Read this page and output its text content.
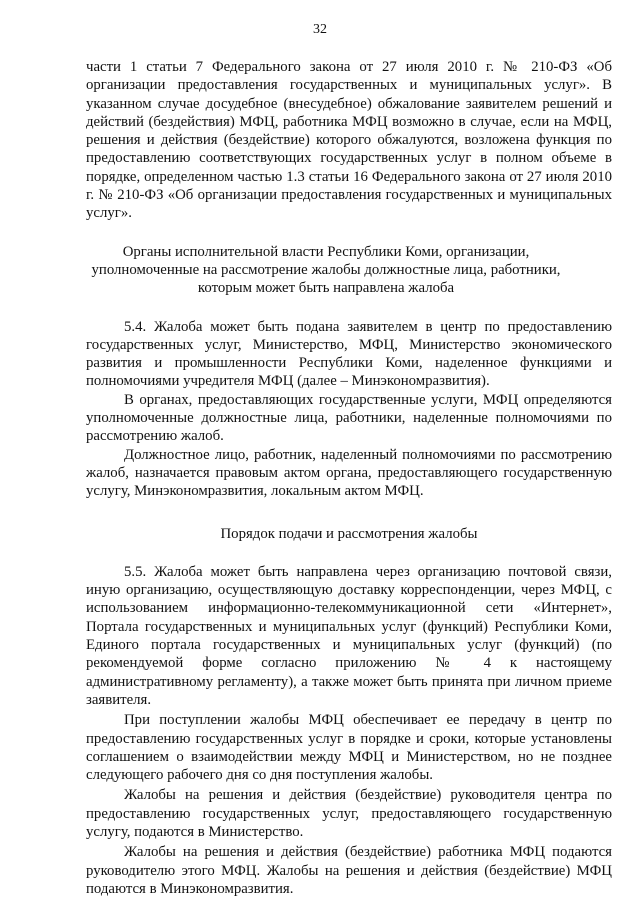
32

части 1 статьи 7 Федерального закона от 27 июля 2010 г. № 210-ФЗ «Об организации предоставления государственных и муниципальных услуг». В указанном случае досудебное (внесудебное) обжалование заявителем решений и действий (бездействия) МФЦ, работника МФЦ возможно в случае, если на МФЦ, решения и действия (бездействие) которого обжалуются, возложена функция по предоставлению соответствующих государственных услуг в полном объеме в порядке, определенном частью 1.3 статьи 16 Федерального закона от 27 июля 2010 г. № 210-ФЗ «Об организации предоставления государственных и муниципальных услуг».

Органы исполнительной власти Республики Коми, организации, уполномоченные на рассмотрение жалобы должностные лица, работники, которым может быть направлена жалоба

5.4. Жалоба может быть подана заявителем в центр по предоставлению государственных услуг, Министерство, МФЦ, Министерство экономического развития и промышленности Республики Коми, наделенное функциями и полномочиями учредителя МФЦ (далее – Минэкономразвития).

В органах, предоставляющих государственные услуги, МФЦ определяются уполномоченные должностные лица, работники, наделенные полномочиями по рассмотрению жалоб.

Должностное лицо, работник, наделенный полномочиями по рассмотрению жалоб, назначается правовым актом органа, предоставляющего государственную услугу, Минэкономразвития, локальным актом МФЦ.

Порядок подачи и рассмотрения жалобы

5.5. Жалоба может быть направлена через организацию почтовой связи, иную организацию, осуществляющую доставку корреспонденции, через МФЦ, с использованием информационно-телекоммуникационной сети «Интернет», Портала государственных и муниципальных услуг (функций) Республики Коми, Единого портала государственных и муниципальных услуг (функций) (по рекомендуемой форме согласно приложению № 4 к настоящему административному регламенту), а также может быть принята при личном приеме заявителя.

При поступлении жалобы МФЦ обеспечивает ее передачу в центр по предоставлению государственных услуг в порядке и сроки, которые установлены соглашением о взаимодействии между МФЦ и Министерством, но не позднее следующего рабочего дня со дня поступления жалобы.

Жалобы на решения и действия (бездействие) руководителя центра по предоставлению государственных услуг, предоставляющего государственную услугу, подаются в Министерство.

Жалобы на решения и действия (бездействие) работника МФЦ подаются руководителю этого МФЦ. Жалобы на решения и действия (бездействие) МФЦ подаются в Минэкономразвития.
